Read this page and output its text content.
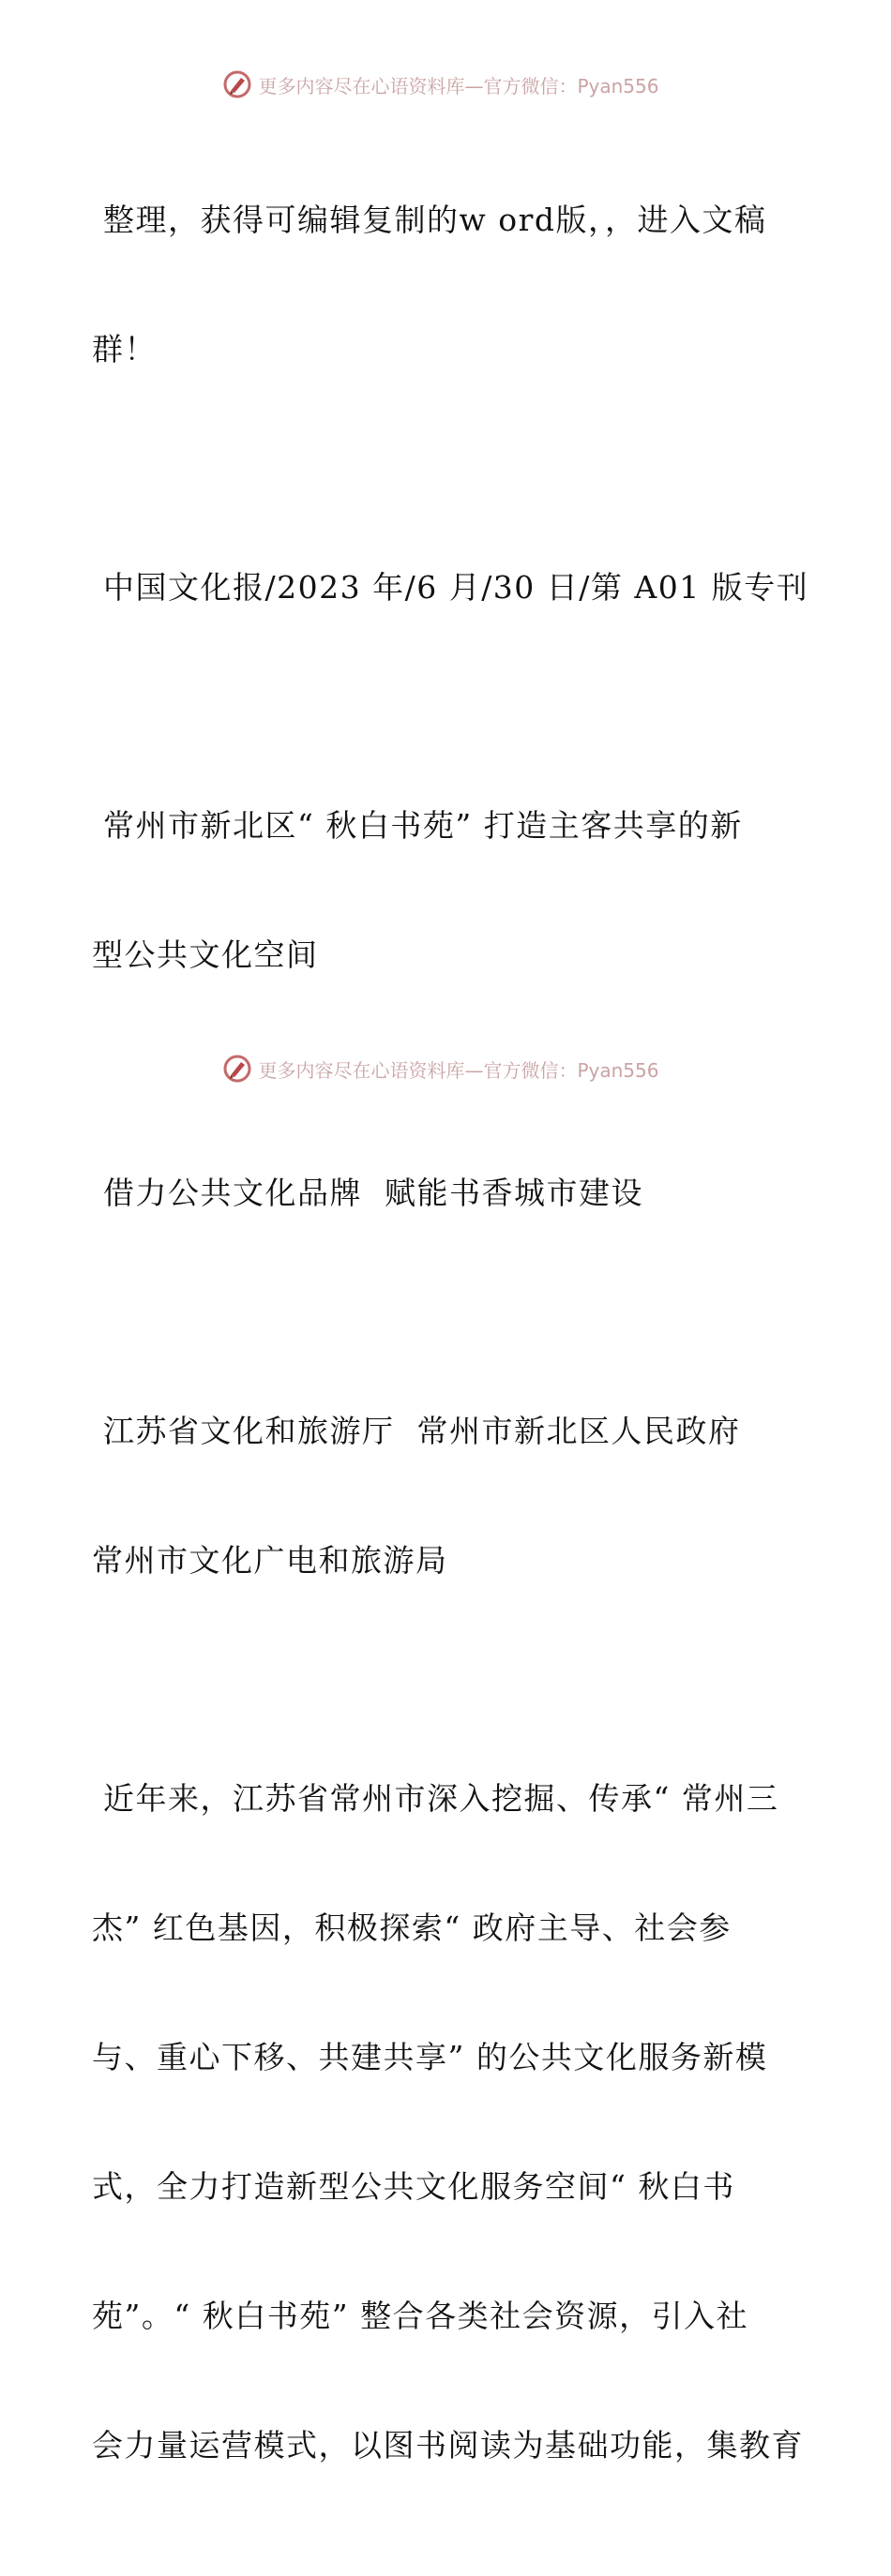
更多内容尽在心语资料库—官方微信：Pyan556

整理，获得可编辑复制的w ord版，，进入文稿

群！

中国文化报/2023 年/6 月/30 日/第 A01 版专刊

常州市新北区“ 秋白书苑” 打造主客共享的新

型公共文化空间

借力公共文化品牌  赋能书香城市建设

江苏省文化和旅游厅  常州市新北区人民政府

常州市文化广电和旅游局

近年来，江苏省常州市深入挖掘、传承“ 常州三

杰” 红色基因，积极探索“ 政府主导、社会参

与、重心下移、共建共享” 的公共文化服务新模

式，全力打造新型公共文化服务空间“ 秋白书

苑”。“ 秋白书苑” 整合各类社会资源，引入社

会力量运营模式，以图书阅读为基础功能，集教育

更多内容尽在心语资料库—官方微信：Pyan556
